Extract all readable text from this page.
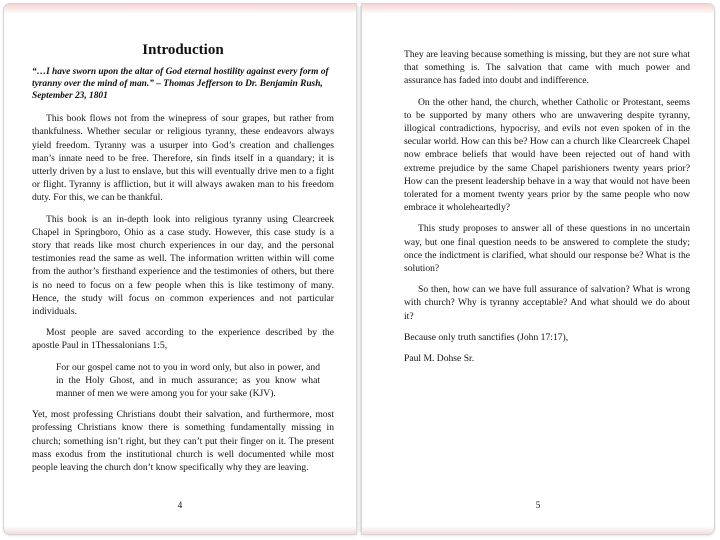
Introduction
“…I have sworn upon the altar of God eternal hostility against every form of tyranny over the mind of man.” – Thomas Jefferson to Dr. Benjamin Rush, September 23, 1801

This book flows not from the winepress of sour grapes, but rather from thankfulness. Whether secular or religious tyranny, these endeavors always yield freedom. Tyranny was a usurper into God’s creation and challenges man’s innate need to be free. Therefore, sin finds itself in a quandary; it is utterly driven by a lust to enslave, but this will eventually drive men to a fight or flight. Tyranny is affliction, but it will always awaken man to his freedom duty. For this, we can be thankful.

This book is an in-depth look into religious tyranny using Clearcreek Chapel in Springboro, Ohio as a case study. However, this case study is a story that reads like most church experiences in our day, and the personal testimonies read the same as well. The information written within will come from the author’s firsthand experience and the testimonies of others, but there is no need to focus on a few people when this is like testimony of many. Hence, the study will focus on common experiences and not particular individuals.

Most people are saved according to the experience described by the apostle Paul in 1Thessalonians 1:5,

For our gospel came not to you in word only, but also in power, and in the Holy Ghost, and in much assurance; as you know what manner of men we were among you for your sake (KJV).

Yet, most professing Christians doubt their salvation, and furthermore, most professing Christians know there is something fundamentally missing in church; something isn’t right, but they can’t put their finger on it. The present mass exodus from the institutional church is well documented while most people leaving the church don’t know specifically why they are leaving.

4

They are leaving because something is missing, but they are not sure what that something is. The salvation that came with much power and assurance has faded into doubt and indifference.

On the other hand, the church, whether Catholic or Protestant, seems to be supported by many others who are unwavering despite tyranny, illogical contradictions, hypocrisy, and evils not even spoken of in the secular world. How can this be? How can a church like Clearcreek Chapel now embrace beliefs that would have been rejected out of hand with extreme prejudice by the same Chapel parishioners twenty years prior? How can the present leadership behave in a way that would not have been tolerated for a moment twenty years prior by the same people who now embrace it wholeheartedly?

This study proposes to answer all of these questions in no uncertain way, but one final question needs to be answered to complete the study; once the indictment is clarified, what should our response be? What is the solution?

So then, how can we have full assurance of salvation? What is wrong with church? Why is tyranny acceptable? And what should we do about it?

Because only truth sanctifies (John 17:17),

Paul M. Dohse Sr.

5
